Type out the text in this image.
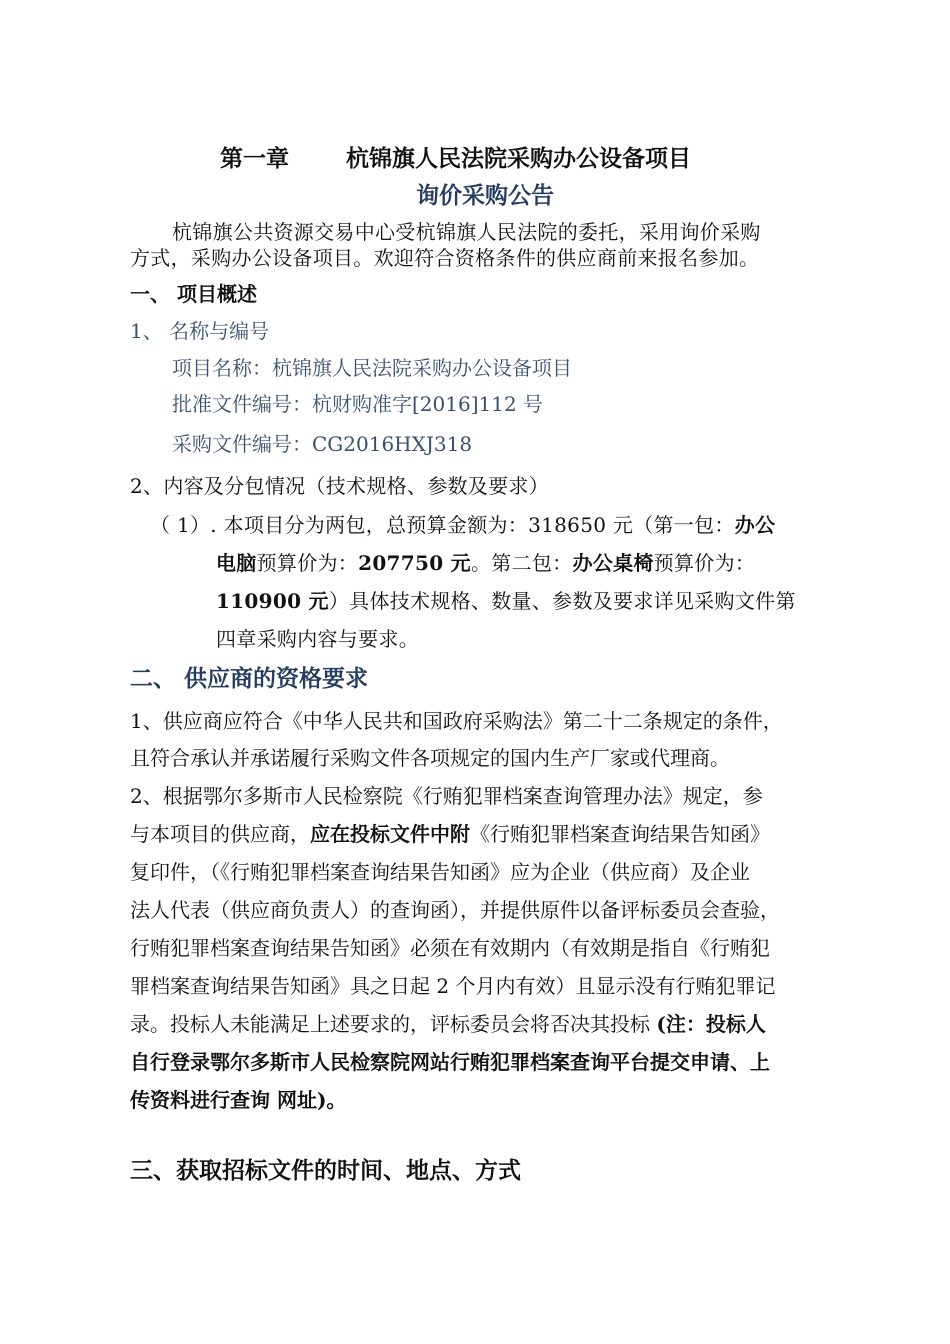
第一章 杭锦旗人民法院采购办公设备项目
询价采购公告
杭锦旗公共资源交易中心受杭锦旗人民法院的委托，采用询价采购
方式，采购办公设备项目。欢迎符合资格条件的供应商前来报名参加。
一、 项目概述
1、 名称与编号
项目名称：杭锦旗人民法院采购办公设备项目
批准文件编号：杭财购准字[2016]112 号
采购文件编号：CG2016HXJ318
2、内容及分包情况（技术规格、参数及要求）
（ 1）. 本项目分为两包，总预算金额为：318650 元（第一包：办公
电脑预算价为：207750 元。第二包：办公桌椅预算价为：
110900 元）具体技术规格、数量、参数及要求详见采购文件第
四章采购内容与要求。
二、 供应商的资格要求
1、供应商应符合《中华人民共和国政府采购法》第二十二条规定的条件，
且符合承认并承诺履行采购文件各项规定的国内生产厂家或代理商。
2、根据鄂尔多斯市人民检察院《行贿犯罪档案查询管理办法》规定，参
与本项目的供应商，应在投标文件中附《行贿犯罪档案查询结果告知函》
复印件，（《行贿犯罪档案查询结果告知函》应为企业（供应商）及企业
法人代表（供应商负责人）的查询函），并提供原件以备评标委员会查验，
行贿犯罪档案查询结果告知函》必须在有效期内（有效期是指自《行贿犯
罪档案查询结果告知函》具之日起 2 个月内有效）且显示没有行贿犯罪记
录。投标人未能满足上述要求的，评标委员会将否决其投标 (注：投标人
自行登录鄂尔多斯市人民检察院网站行贿犯罪档案查询平台提交申请、上
传资料进行查询 网址)。
三、获取招标文件的时间、地点、方式
